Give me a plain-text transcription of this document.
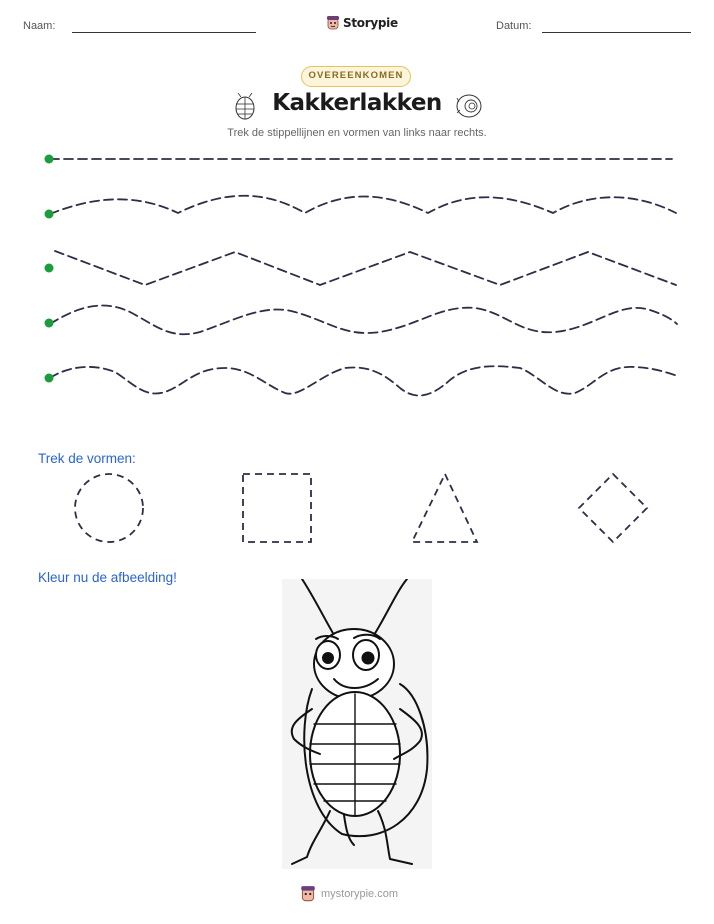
Naam:	Storypie	Datum:
OVEREENKOMEN
Kakkerlakken
Trek de stippellijnen en vormen van links naar rechts.
Trek de vormen:
Kleur nu de afbeelding!
mystorypie.com
